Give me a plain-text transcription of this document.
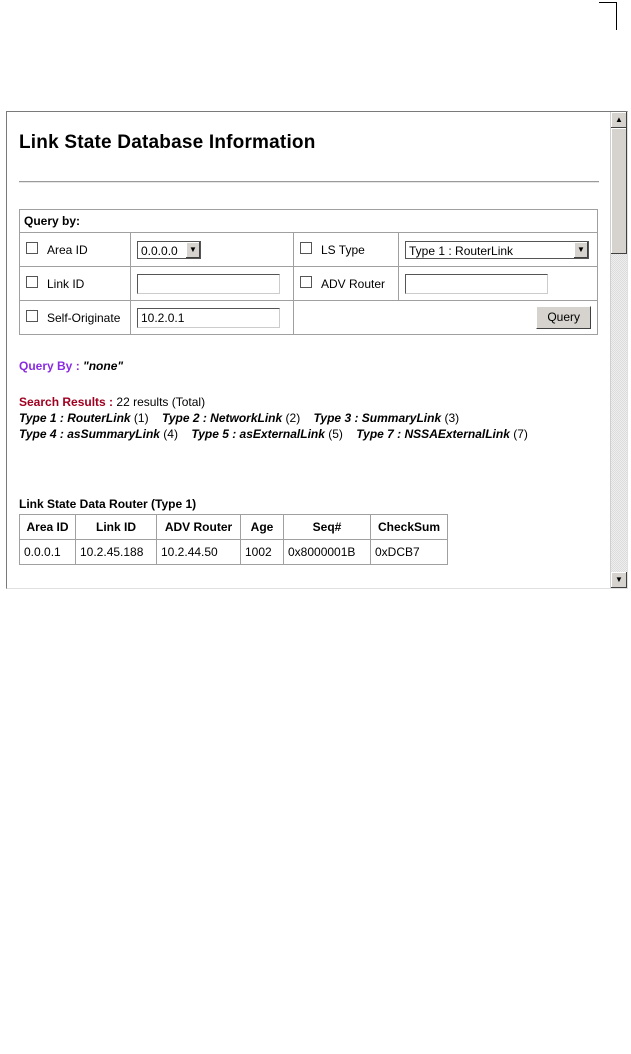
Link State Database Information
Query by:			
Area ID	0.0.0.0 ▼	LS Type	Type 1 : RouterLink ▼

Link ID		ADV Router	
Self-Originate	10.2.0.1	Query	
Query By : "none"
Search Results : 22 results (Total)
Type 1 : RouterLink (1) Type 2 : NetworkLink (2) Type 3 : SummaryLink (3)
Type 4 : asSummaryLink (4) Type 5 : asExternalLink (5) Type 7 : NSSAExternalLink (7)
Link State Data Router (Type 1)
Area ID	Link ID	ADV Router	Age	Seq#	CheckSum
0.0.0.1	10.2.45.188	10.2.44.50	1002	0x8000001B	0xDCB7
▲
▼
